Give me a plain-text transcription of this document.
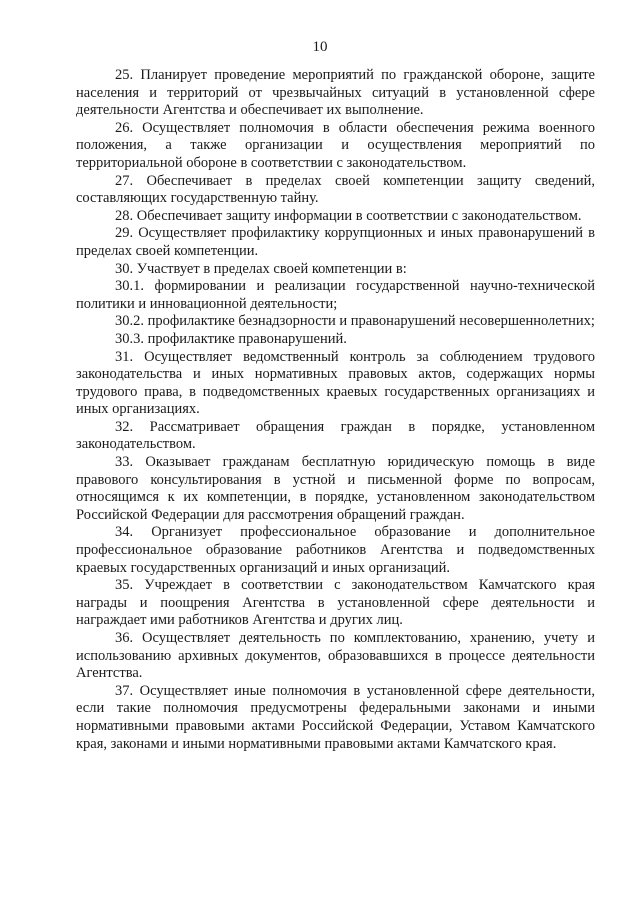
10

25. Планирует проведение мероприятий по гражданской обороне, защите населения и территорий от чрезвычайных ситуаций в установленной сфере деятельности Агентства и обеспечивает их выполнение.

26. Осуществляет полномочия в области обеспечения режима военного положения, а также организации и осуществления мероприятий по территориальной обороне в соответствии с законодательством.

27. Обеспечивает в пределах своей компетенции защиту сведений, составляющих государственную тайну.

28. Обеспечивает защиту информации в соответствии с законодательством.

29. Осуществляет профилактику коррупционных и иных правонарушений в пределах своей компетенции.

30. Участвует в пределах своей компетенции в:

30.1. формировании и реализации государственной научно-технической политики и инновационной деятельности;

30.2. профилактике безнадзорности и правонарушений несовершеннолетних;

30.3. профилактике правонарушений.

31. Осуществляет ведомственный контроль за соблюдением трудового законодательства и иных нормативных правовых актов, содержащих нормы трудового права, в подведомственных краевых государственных организациях и иных организациях.

32. Рассматривает обращения граждан в порядке, установленном законодательством.

33. Оказывает гражданам бесплатную юридическую помощь в виде правового консультирования в устной и письменной форме по вопросам, относящимся к их компетенции, в порядке, установленном законодательством Российской Федерации для рассмотрения обращений граждан.

34. Организует профессиональное образование и дополнительное профессиональное образование работников Агентства и подведомственных краевых государственных организаций и иных организаций.

35. Учреждает в соответствии с законодательством Камчатского края награды и поощрения Агентства в установленной сфере деятельности и награждает ими работников Агентства и других лиц.

36. Осуществляет деятельность по комплектованию, хранению, учету и использованию архивных документов, образовавшихся в процессе деятельности Агентства.

37. Осуществляет иные полномочия в установленной сфере деятельности, если такие полномочия предусмотрены федеральными законами и иными нормативными правовыми актами Российской Федерации, Уставом Камчатского края, законами и иными нормативными правовыми актами Камчатского края.
